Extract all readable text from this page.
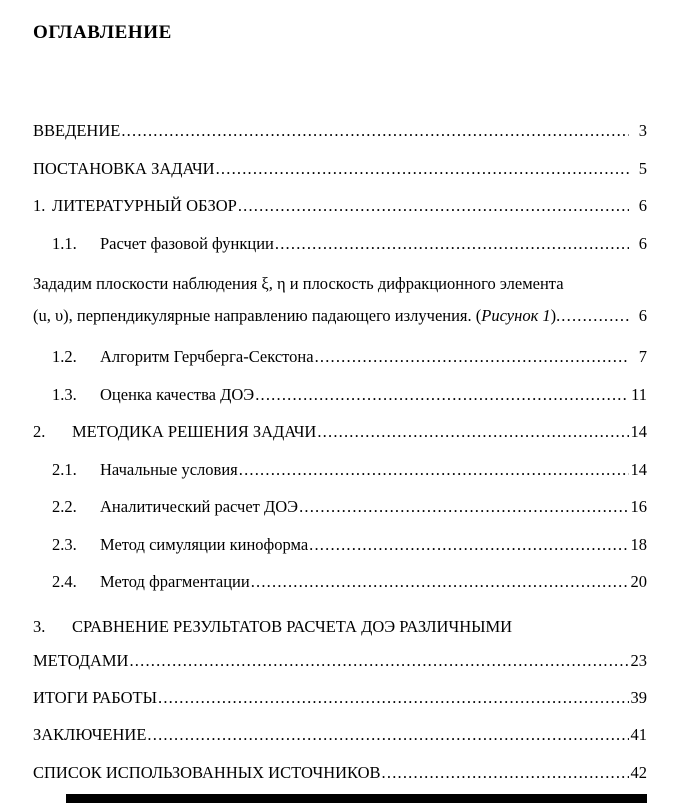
ОГЛАВЛЕНИЕ
ВВЕДЕНИЕ .....	3
ПОСТАНОВКА ЗАДАЧИ .....	5
1. ЛИТЕРАТУРНЫЙ ОБЗОР .....	6
1.1.	Расчет фазовой функции .....	6
Зададим плоскости наблюдения ξ, η и плоскость дифракционного элемента
(u, υ), перпендикулярные направлению падающего излучения. ( Рисунок 1 ). .....	6
1.2.	Алгоритм Герчберга-Секстона .....	7
1.3.	Оценка качества ДОЭ .....	11
2.	МЕТОДИКА РЕШЕНИЯ ЗАДАЧИ .....	14
2.1.	Начальные условия .....	14
2.2.	Аналитический расчет ДОЭ .....	16
2.3.	Метод симуляции киноформа .....	18
2.4.	Метод фрагментации .....	20
3.	СРАВНЕНИЕ РЕЗУЛЬТАТОВ РАСЧЕТА ДОЭ РАЗЛИЧНЫМИ
МЕТОДАМИ .....	23
ИТОГИ РАБОТЫ .....	39
ЗАКЛЮЧЕНИЕ .....	41
СПИСОК ИСПОЛЬЗОВАННЫХ ИСТОЧНИКОВ .....	42
